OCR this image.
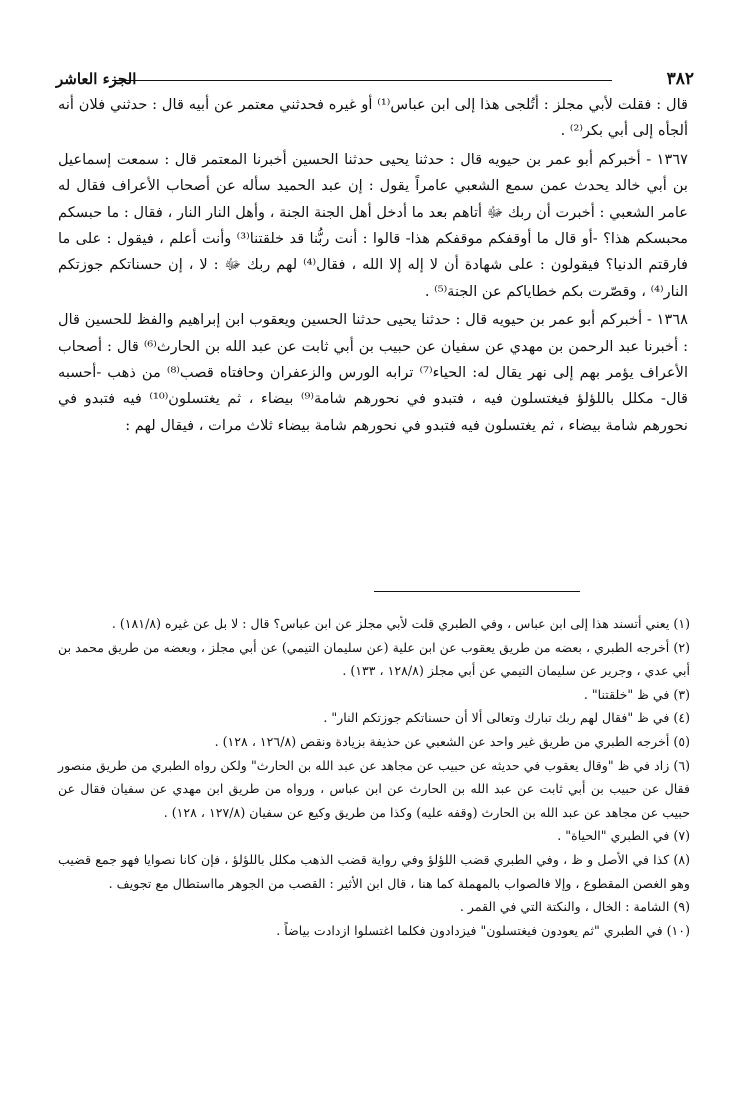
٣٨٢
الجزء العاشر

قال : فقلت لأبي مجلز : أتُلجى هذا إلى ابن عباس⁽¹⁾ أو غيره فحدثني معتمر عن أبيه قال : حدثني فلان أنه ألجأه إلى أبي بكر⁽²⁾ .

١٣٦٧ - أخبركم أبو عمر بن حيويه قال : حدثنا يحيى حدثنا الحسين أخبرنا المعتمر قال : سمعت إسماعيل بن أبي خالد يحدث عمن سمع الشعبي عامراً يقول : إن عبد الحميد سأله عن أصحاب الأعراف فقال له عامر الشعبي : أخبرت أن ربك ﷻ أتاهم بعد ما أدخل أهل الجنة الجنة ، وأهل النار النار ، فقال : ما حبسكم محبسكم هذا؟ -أو قال ما أوقفكم موقفكم هذا- قالوا : أنت ربُّنا قد خلقتنا⁽³⁾ وأنت أعلم ، فيقول : على ما فارقتم الدنيا؟ فيقولون : على شهادة أن لا إله إلا الله ، فقال⁽⁴⁾ لهم ربك ﷻ : لا ، إن حسناتكم جوزتكم النار⁽⁴⁾ ، وقصّرت بكم خطاياكم عن الجنة⁽⁵⁾ .

١٣٦٨ - أخبركم أبو عمر بن حيويه قال : حدثنا يحيى حدثنا الحسين ويعقوب ابن إبراهيم والفظ للحسين قال : أخبرنا عبد الرحمن بن مهدي عن سفيان عن حبيب بن أبي ثابت عن عبد الله بن الحارث⁽⁶⁾ قال : أصحاب الأعراف يؤمر بهم إلى نهر يقال له: الحياء⁽⁷⁾ ترابه الورس والزعفران وحافتاه قصب⁽⁸⁾ من ذهب -أحسبه قال- مكلل باللؤلؤ فيغتسلون فيه ، فتبدو في نحورهم شامة⁽⁹⁾ بيضاء ، ثم يغتسلون⁽¹⁰⁾ فيه فتبدو في نحورهم شامة بيضاء ، ثم يغتسلون فيه فتبدو في نحورهم شامة بيضاء ثلاث مرات ، فيقال لهم :

(١) يعني أتسند هذا إلى ابن عباس ، وفي الطبري قلت لأبي مجلز عن ابن عباس؟ قال : لا بل عن غيره (١٨١/٨) .

(٢) أخرجه الطبري ، بعضه من طريق يعقوب عن ابن علية (عن سليمان التيمي) عن أبي مجلز ، وبعضه من طريق محمد بن أبي عدي ، وجرير عن سليمان التيمي عن أبي مجلز (١٢٨/٨ ، ١٣٣) .

(٣) في ظ "خلقتنا" .

(٤) في ظ "فقال لهم ربك تبارك وتعالى ألا أن حسناتكم جوزتكم النار" .

(٥) أخرجه الطبري من طريق غير واحد عن الشعبي عن حذيفة بزيادة ونقص (١٢٦/٨ ، ١٢٨) .

(٦) زاد في ظ "وقال يعقوب في حديثه عن حبيب عن مجاهد عن عبد الله بن الحارث" ولكن رواه الطبري من طريق منصور فقال عن حبيب بن أبي ثابت عن عبد الله بن الحارث عن ابن عباس ، ورواه من طريق ابن مهدي عن سفيان فقال عن حبيب عن مجاهد عن عبد الله بن الحارث (وقفه عليه) وكذا من طريق وكيع عن سفيان (١٢٧/٨ ، ١٢٨) .

(٧) في الطبري "الحياة" .

(٨) كذا في الأصل و ظ ، وفي الطبري قضب اللؤلؤ وفي رواية قضب الذهب مكلل باللؤلؤ ، فإن كانا نصوايا فهو جمع قضيب وهو الغصن المقطوع ، وإلا فالصواب بالمهملة كما هنا ، قال ابن الأثير : القصب من الجوهر مااستطال مع تجويف .

(٩) الشامة : الخال ، والنكتة التي في القمر .

(١٠) في الطبري "ثم يعودون فيغتسلون" فيزدادون فكلما اغتسلوا ازدادت بياضاً .
